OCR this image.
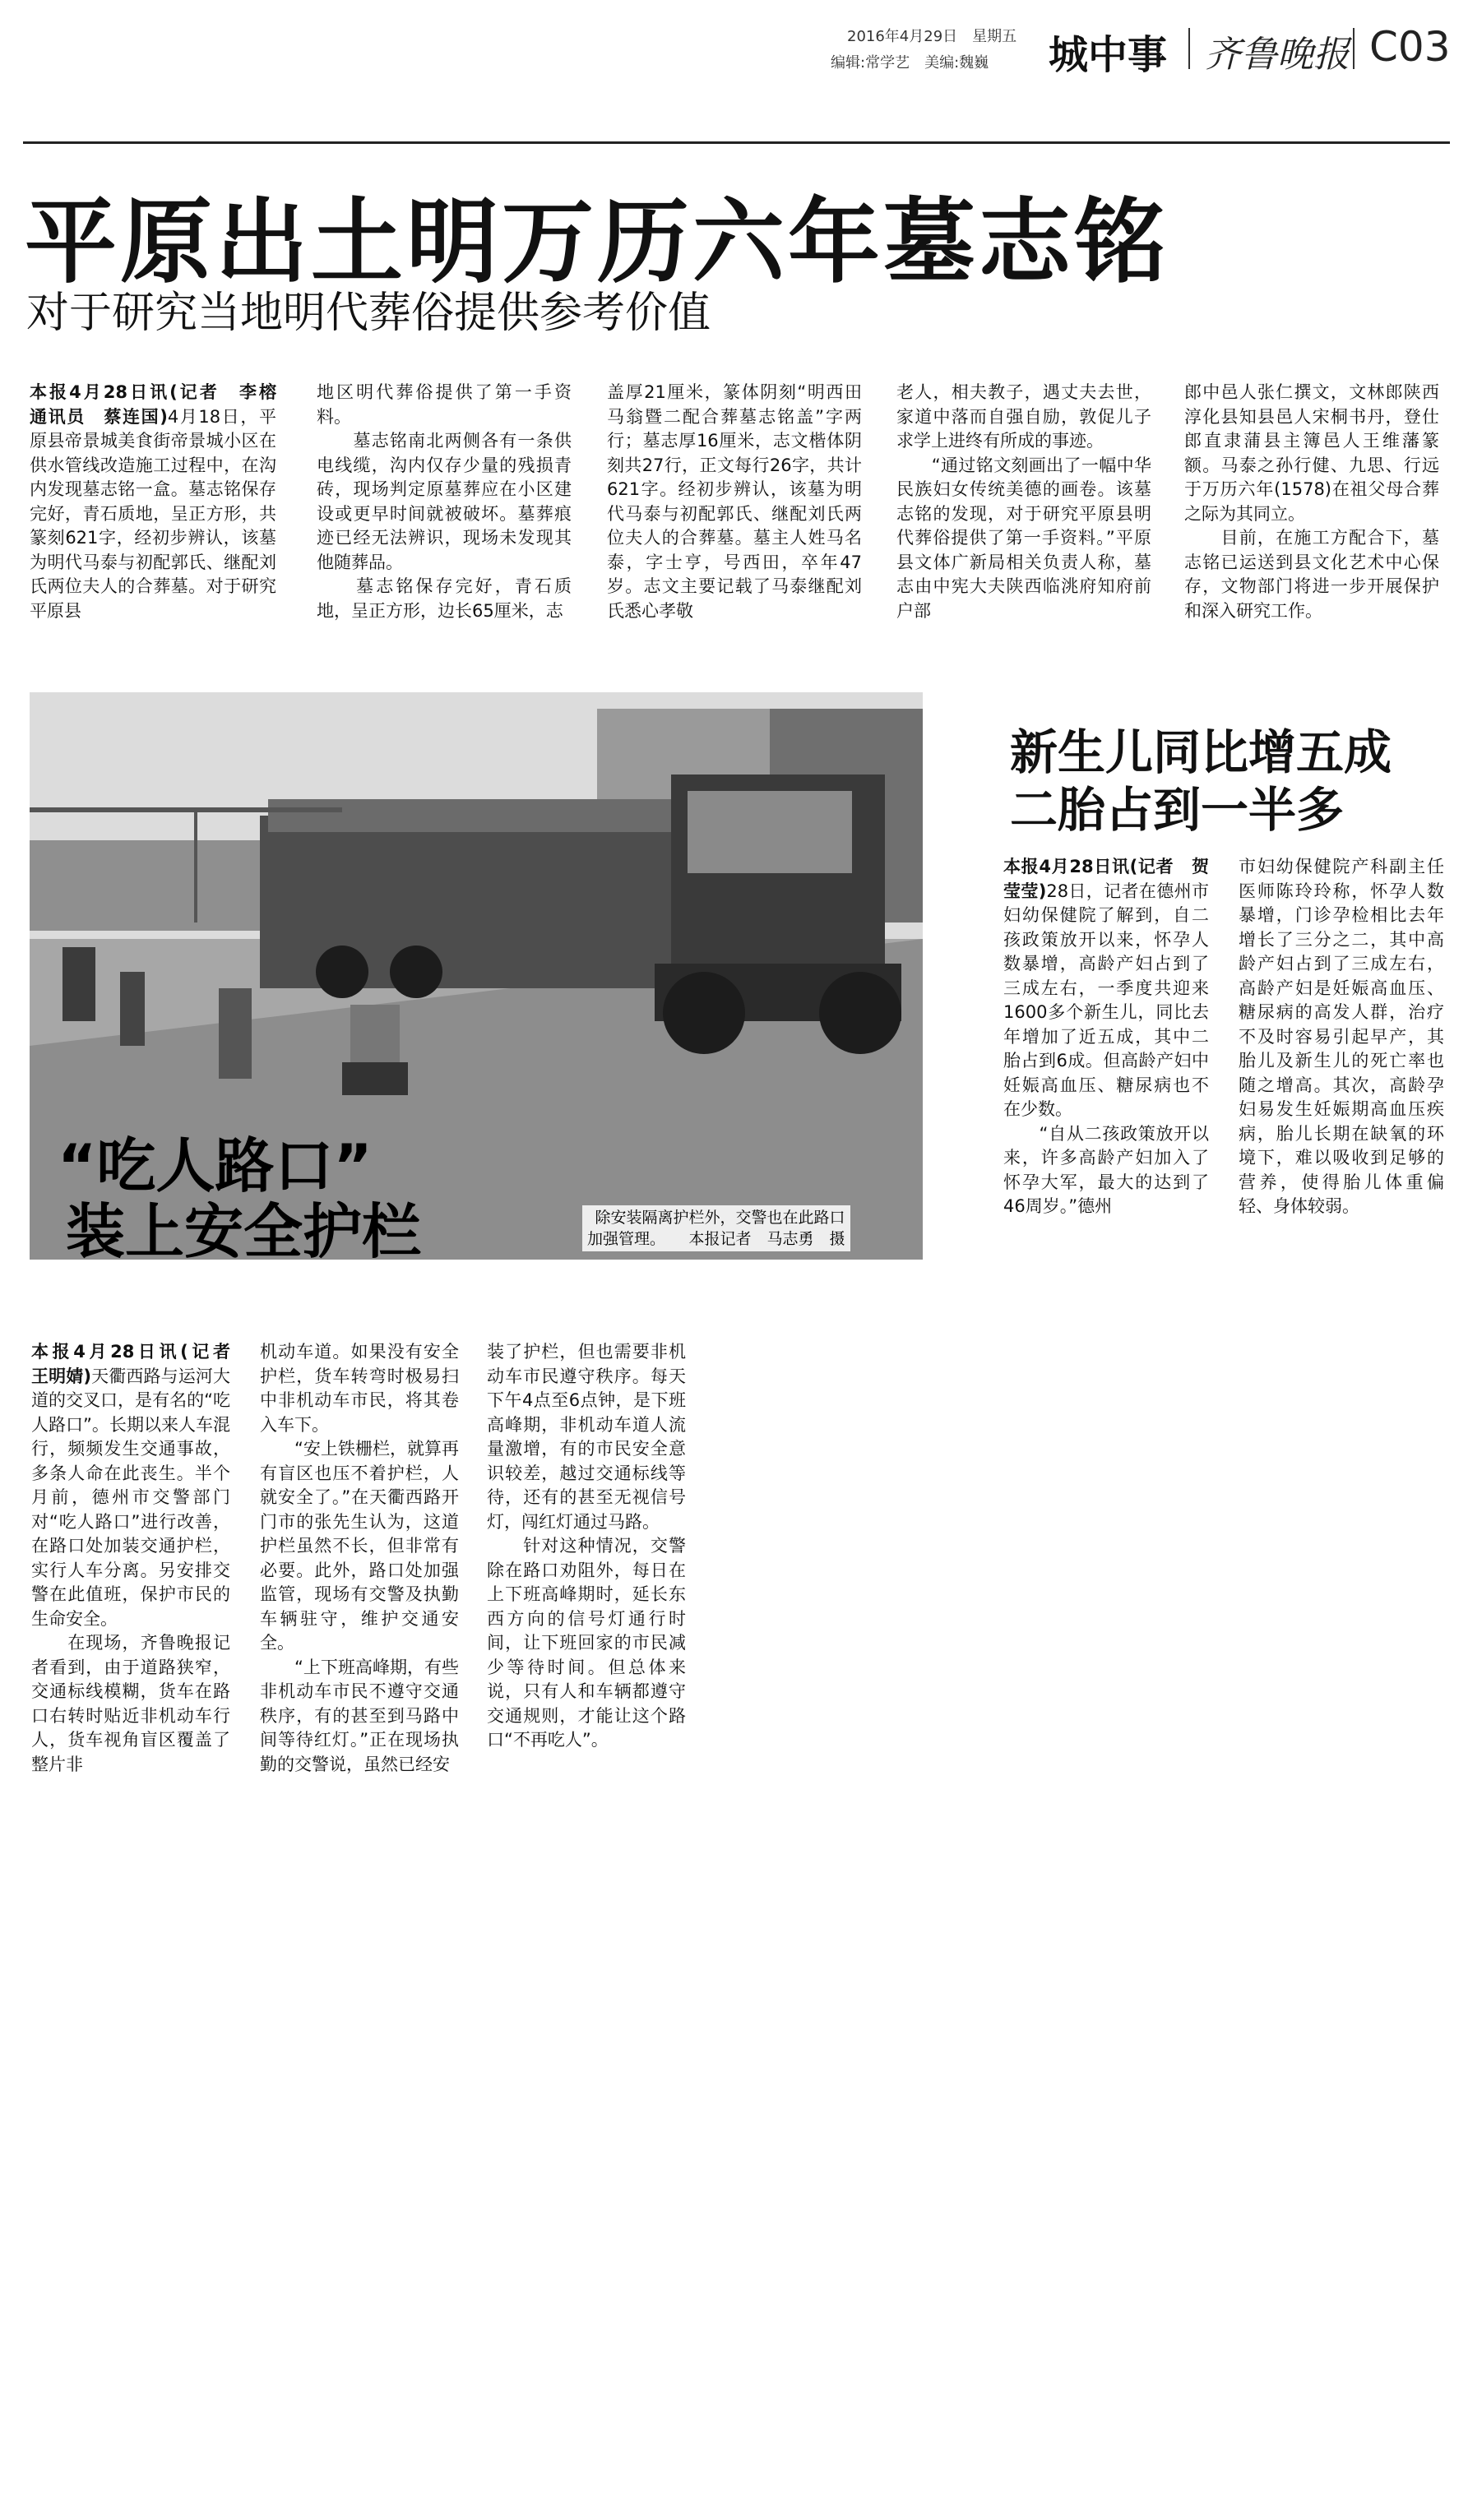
2016年4月29日　星期五
编辑:常学艺　美编:魏巍 城中事 齐鲁晚报 C03
平原出土明万历六年墓志铭
对于研究当地明代葬俗提供参考价值

本报4月28日讯(记者　李榕　通讯员　蔡连国)4月18日，平原县帝景城美食街帝景城小区在供水管线改造施工过程中，在沟内发现墓志铭一盒。墓志铭保存完好，青石质地，呈正方形，共篆刻621字，经初步辨认，该墓为明代马泰与初配郭氏、继配刘氏两位夫人的合葬墓。对于研究平原县

地区明代葬俗提供了第一手资料。
　　墓志铭南北两侧各有一条供电线缆，沟内仅存少量的残损青砖，现场判定原墓葬应在小区建设或更早时间就被破坏。墓葬痕迹已经无法辨识，现场未发现其他随葬品。
　　墓志铭保存完好，青石质地，呈正方形，边长65厘米，志
盖厚21厘米，篆体阴刻“明西田马翁暨二配合葬墓志铭盖”字两行；墓志厚16厘米，志文楷体阴刻共27行，正文每行26字，共计621字。经初步辨认，该墓为明代马泰与初配郭氏、继配刘氏两位夫人的合葬墓。墓主人姓马名泰，字士亨，号西田，卒年47岁。志文主要记载了马泰继配刘氏悉心孝敬
老人，相夫教子，遇丈夫去世，家道中落而自强自励，敦促儿子求学上进终有所成的事迹。
　　“通过铭文刻画出了一幅中华民族妇女传统美德的画卷。该墓志铭的发现，对于研究平原县明代葬俗提供了第一手资料。”平原县文体广新局相关负责人称，墓志由中宪大夫陕西临洮府知府前户部
郎中邑人张仁撰文，文林郎陕西淳化县知县邑人宋桐书丹，登仕郎直隶蒲县主簿邑人王维藩篆额。马泰之孙行健、九思、行远于万历六年(1578)在祖父母合葬之际为其同立。
　　目前，在施工方配合下，墓志铭已运送到县文化艺术中心保存，文物部门将进一步开展保护和深入研究工作。
“吃人路口”
装上安全护栏	除安装隔离护栏外，交警也在此路口
加强管理。　　本报记者　马志勇　摄
新生儿同比增五成
二胎占到一半多

本报4月28日讯(记者　贺莹莹)28日，记者在德州市妇幼保健院了解到，自二孩政策放开以来，怀孕人数暴增，高龄产妇占到了三成左右，一季度共迎来1600多个新生儿，同比去年增加了近五成，其中二胎占到6成。但高龄产妇中妊娠高血压、糖尿病也不在少数。
　　“自从二孩政策放开以来，许多高龄产妇加入了怀孕大军，最大的达到了46周岁。”德州

市妇幼保健院产科副主任医师陈玲玲称，怀孕人数暴增，门诊孕检相比去年增长了三分之二，其中高龄产妇占到了三成左右，高龄产妇是妊娠高血压、糖尿病的高发人群，治疗不及时容易引起早产，其胎儿及新生儿的死亡率也随之增高。其次，高龄孕妇易发生妊娠期高血压疾病，胎儿长期在缺氧的环境下，难以吸收到足够的营养，使得胎儿体重偏轻、身体较弱。

本报4月28日讯(记者　王明婧)天衢西路与运河大道的交叉口，是有名的“吃人路口”。长期以来人车混行，频频发生交通事故，多条人命在此丧生。半个月前，德州市交警部门对“吃人路口”进行改善，在路口处加装交通护栏，实行人车分离。另安排交警在此值班，保护市民的生命安全。
　　在现场，齐鲁晚报记者看到，由于道路狭窄，交通标线模糊，货车在路口右转时贴近非机动车行人，货车视角盲区覆盖了整片非

机动车道。如果没有安全护栏，货车转弯时极易扫中非机动车市民，将其卷入车下。
　　“安上铁栅栏，就算再有盲区也压不着护栏，人就安全了。”在天衢西路开门市的张先生认为，这道护栏虽然不长，但非常有必要。此外，路口处加强监管，现场有交警及执勤车辆驻守，维护交通安全。
　　“上下班高峰期，有些非机动车市民不遵守交通秩序，有的甚至到马路中间等待红灯。”正在现场执勤的交警说，虽然已经安
装了护栏，但也需要非机动车市民遵守秩序。每天下午4点至6点钟，是下班高峰期，非机动车道人流量激增，有的市民安全意识较差，越过交通标线等待，还有的甚至无视信号灯，闯红灯通过马路。
　　针对这种情况，交警除在路口劝阻外，每日在上下班高峰期时，延长东西方向的信号灯通行时间，让下班回家的市民减少等待时间。但总体来说，只有人和车辆都遵守交通规则，才能让这个路口“不再吃人”。
